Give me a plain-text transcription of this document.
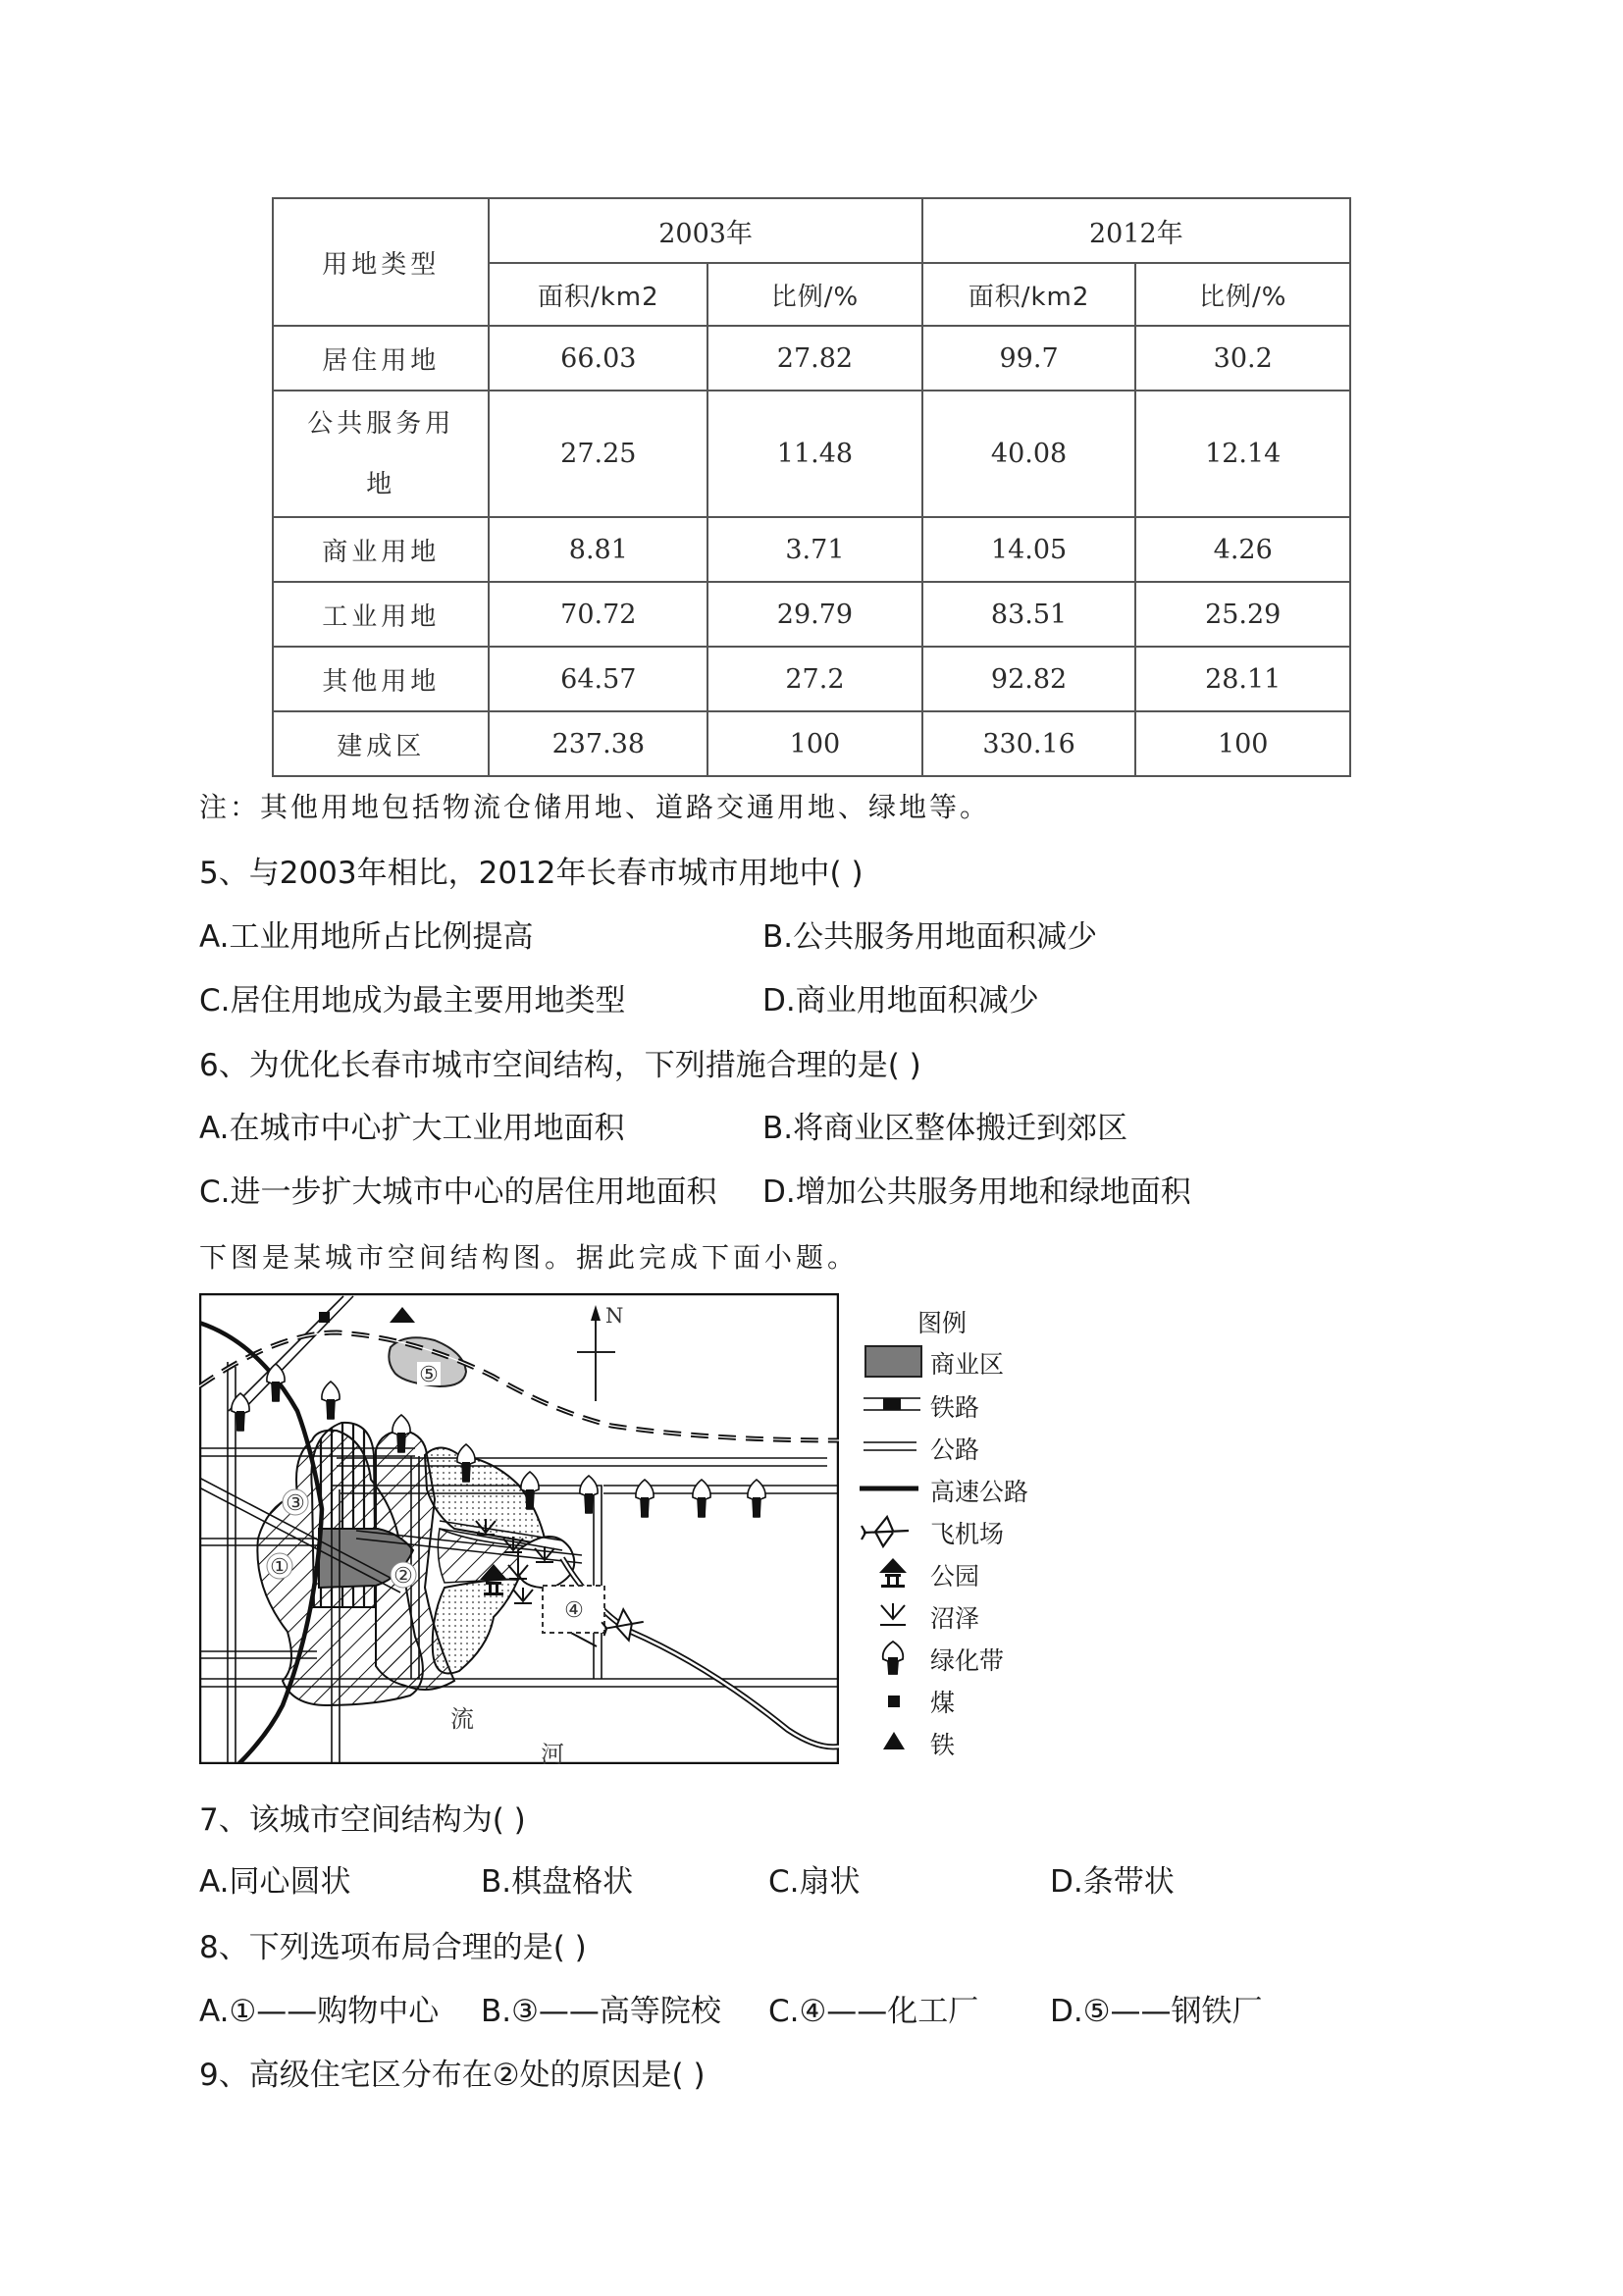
用地类型	2003年		2012年	
	面积/km2	比例/%	面积/km2	比例/%
居住用地	66.03	27.82	99.7	30.2
公共服务用地	27.25	11.48	40.08	12.14
商业用地	8.81	3.71	14.05	4.26
工业用地	70.72	29.79	83.51	25.29
其他用地	64.57	27.2	92.82	28.11
建成区	237.38	100	330.16	100
注：其他用地包括物流仓储用地、道路交通用地、绿地等。
5、与2003年相比，2012年长春市城市用地中( )
A.工业用地所占比例提高	B.公共服务用地面积减少
C.居住用地成为最主要用地类型	D.商业用地面积减少
6、为优化长春市城市空间结构，下列措施合理的是( )
A.在城市中心扩大工业用地面积	B.将商业区整体搬迁到郊区
C.进一步扩大城市中心的居住用地面积 D.增加公共服务用地和绿地面积
下图是某城市空间结构图。据此完成下面小题。
N
①	②
③
④
⑤
流
河
图例
商业区
铁路
公路
高速公路
飞机场
公园
沼泽
绿化带
煤
铁
7、该城市空间结构为( )
A.同心圆状	B.棋盘格状	C.扇状	D.条带状
8、下列选项布局合理的是( )
A.①——购物中心 B.③——高等院校 C.④——化工厂 D.⑤——钢铁厂
9、高级住宅区分布在②处的原因是( )
